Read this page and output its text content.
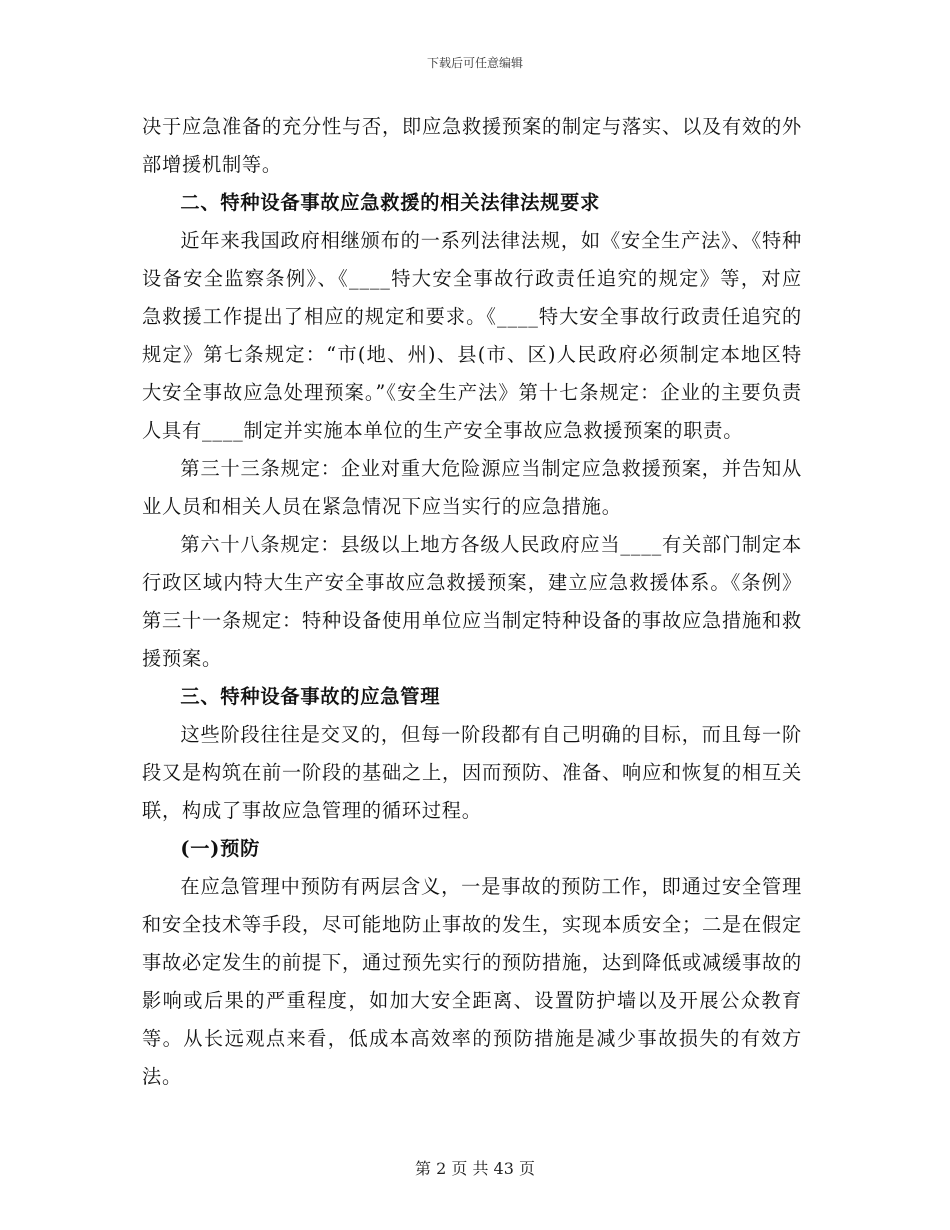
下载后可任意编辑

决于应急准备的充分性与否，即应急救援预案的制定与落实、以及有效的外部增援机制等。

二、特种设备事故应急救援的相关法律法规要求

近年来我国政府相继颁布的一系列法律法规，如《安全生产法》、《特种设备安全监察条例》、《____特大安全事故行政责任追究的规定》等，对应急救援工作提出了相应的规定和要求。《____特大安全事故行政责任追究的规定》第七条规定：“市(地、州)、县(市、区)人民政府必须制定本地区特大安全事故应急处理预案。”《安全生产法》第十七条规定：企业的主要负责人具有____制定并实施本单位的生产安全事故应急救援预案的职责。

第三十三条规定：企业对重大危险源应当制定应急救援预案，并告知从业人员和相关人员在紧急情况下应当实行的应急措施。

第六十八条规定：县级以上地方各级人民政府应当____有关部门制定本行政区域内特大生产安全事故应急救援预案，建立应急救援体系。《条例》第三十一条规定：特种设备使用单位应当制定特种设备的事故应急措施和救援预案。

三、特种设备事故的应急管理

这些阶段往往是交叉的，但每一阶段都有自己明确的目标，而且每一阶段又是构筑在前一阶段的基础之上，因而预防、准备、响应和恢复的相互关联，构成了事故应急管理的循环过程。

(一)预防

在应急管理中预防有两层含义，一是事故的预防工作，即通过安全管理和安全技术等手段，尽可能地防止事故的发生，实现本质安全；二是在假定事故必定发生的前提下，通过预先实行的预防措施，达到降低或减缓事故的影响或后果的严重程度，如加大安全距离、设置防护墙以及开展公众教育等。从长远观点来看，低成本高效率的预防措施是减少事故损失的有效方法。

第 2 页 共 43 页
